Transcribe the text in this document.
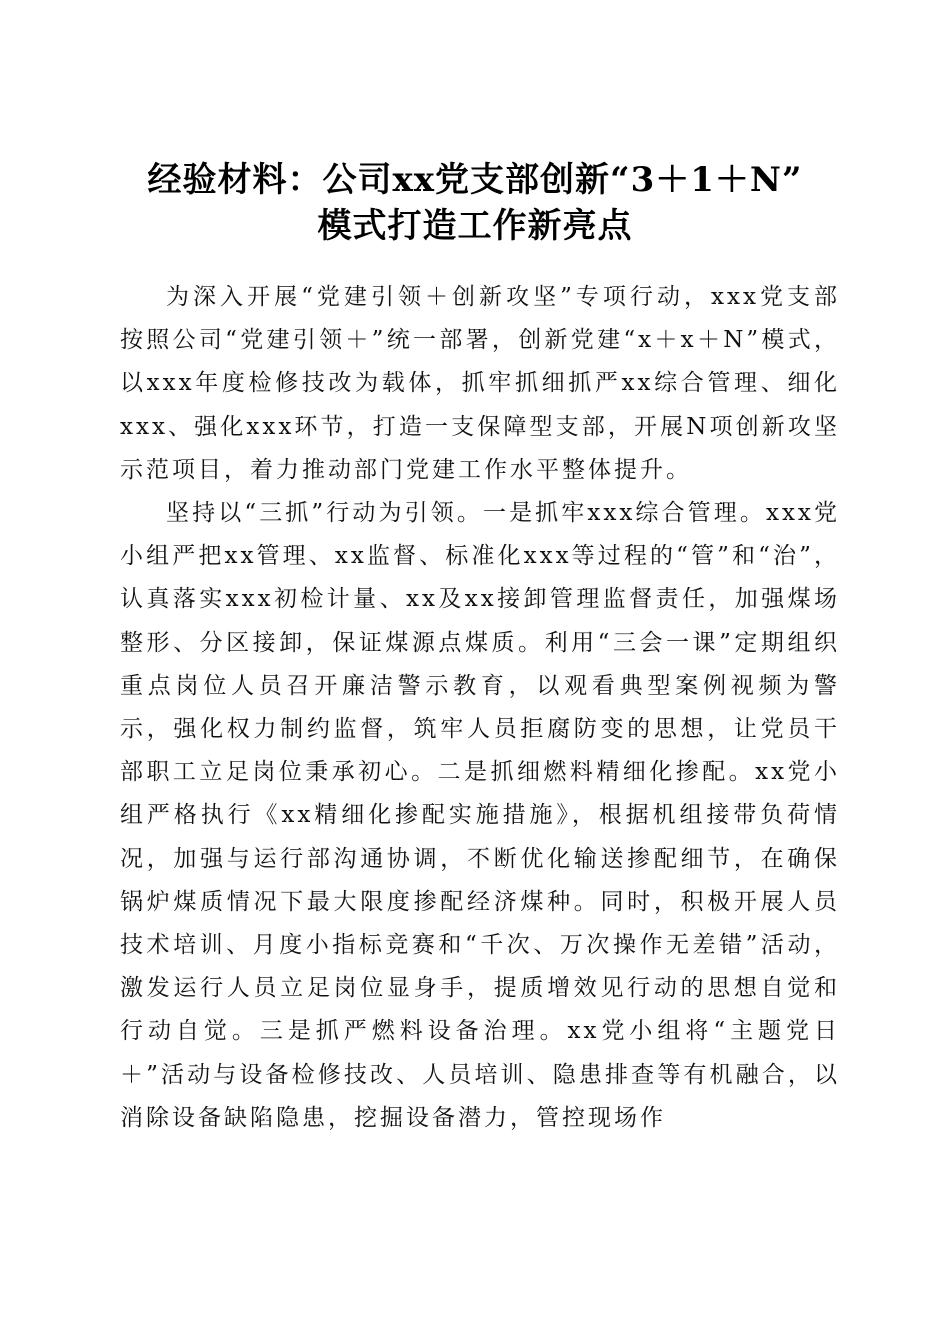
经验材料：公司xx党支部创新“3＋1＋N”
模式打造工作新亮点

为深入开展“党建引领＋创新攻坚”专项行动，xxx党支部按照公司“党建引领＋”统一部署，创新党建“x＋x＋N”模式，以xxx年度检修技改为载体，抓牢抓细抓严xx综合管理、细化xxx、强化xxx环节，打造一支保障型支部，开展N项创新攻坚示范项目，着力推动部门党建工作水平整体提升。

坚持以“三抓”行动为引领。一是抓牢xxx综合管理。xxx党小组严把xx管理、xx监督、标准化xxx等过程的“管”和“治”，认真落实xxx初检计量、xx及xx接卸管理监督责任，加强煤场整形、分区接卸，保证煤源点煤质。利用“三会一课”定期组织重点岗位人员召开廉洁警示教育，以观看典型案例视频为警示，强化权力制约监督，筑牢人员拒腐防变的思想，让党员干部职工立足岗位秉承初心。二是抓细燃料精细化掺配。xx党小组严格执行《xx精细化掺配实施措施》，根据机组接带负荷情况，加强与运行部沟通协调，不断优化输送掺配细节，在确保锅炉煤质情况下最大限度掺配经济煤种。同时，积极开展人员技术培训、月度小指标竞赛和“千次、万次操作无差错”活动，激发运行人员立足岗位显身手，提质增效见行动的思想自觉和行动自觉。三是抓严燃料设备治理。xx党小组将“主题党日＋”活动与设备检修技改、人员培训、隐患排查等有机融合，以消除设备缺陷隐患，挖掘设备潜力，管控现场作
